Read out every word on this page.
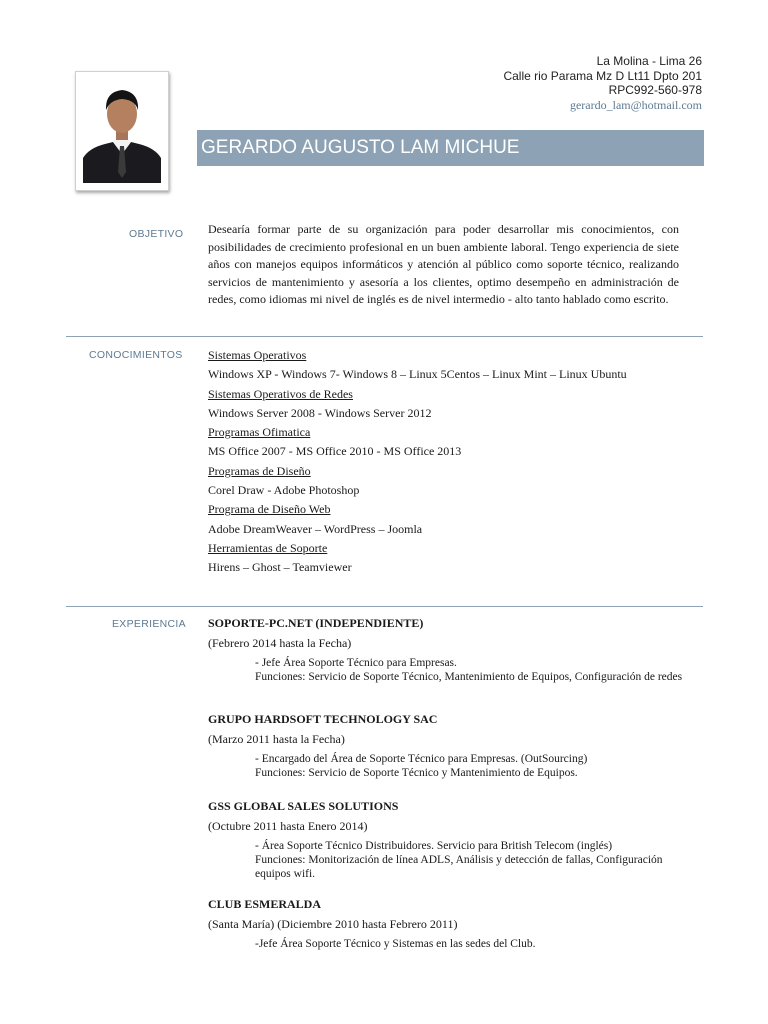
La Molina - Lima 26
Calle rio Parama Mz D Lt11 Dpto 201
RPC992-560-978
gerardo_lam@hotmail.com
GERARDO AUGUSTO LAM MICHUE
OBJETIVO Desearía formar parte de su organización para poder desarrollar mis conocimientos, con posibilidades de crecimiento profesional en un buen ambiente laboral. Tengo experiencia de siete años con manejos equipos informáticos y atención al público como soporte técnico, realizando servicios de mantenimiento y asesoría a los clientes, optimo desempeño en administración de redes, como idiomas mi nivel de inglés es de nivel intermedio - alto tanto hablado como escrito.

CONOCIMIENTOS Sistemas Operativos
Windows XP - Windows 7- Windows 8 – Linux 5Centos – Linux Mint – Linux Ubuntu
Sistemas Operativos de Redes
Windows Server 2008 - Windows Server 2012
Programas Ofimatica
MS Office 2007 - MS Office 2010 - MS Office 2013
Programas de Diseño
Corel Draw - Adobe Photoshop
Programa de Diseño Web
Adobe DreamWeaver – WordPress – Joomla
Herramientas de Soporte
Hirens – Ghost – Teamviewer
EXPERIENCIA SOPORTE-PC.NET (INDEPENDIENTE)
(Febrero 2014 hasta la Fecha)
- Jefe Área Soporte Técnico para Empresas.
Funciones: Servicio de Soporte Técnico, Mantenimiento de Equipos, Configuración de redes
GRUPO HARDSOFT TECHNOLOGY SAC
(Marzo 2011 hasta la Fecha)
- Encargado del Área de Soporte Técnico para Empresas. (OutSourcing)
Funciones: Servicio de Soporte Técnico y Mantenimiento de Equipos.
GSS GLOBAL SALES SOLUTIONS
(Octubre 2011 hasta Enero 2014)
- Área Soporte Técnico Distribuidores. Servicio para British Telecom (inglés)
Funciones: Monitorización de línea ADLS, Análisis y detección de fallas, Configuración equipos wifi.
CLUB ESMERALDA
(Santa María) (Diciembre 2010 hasta Febrero 2011)
-Jefe Área Soporte Técnico y Sistemas en las sedes del Club.
